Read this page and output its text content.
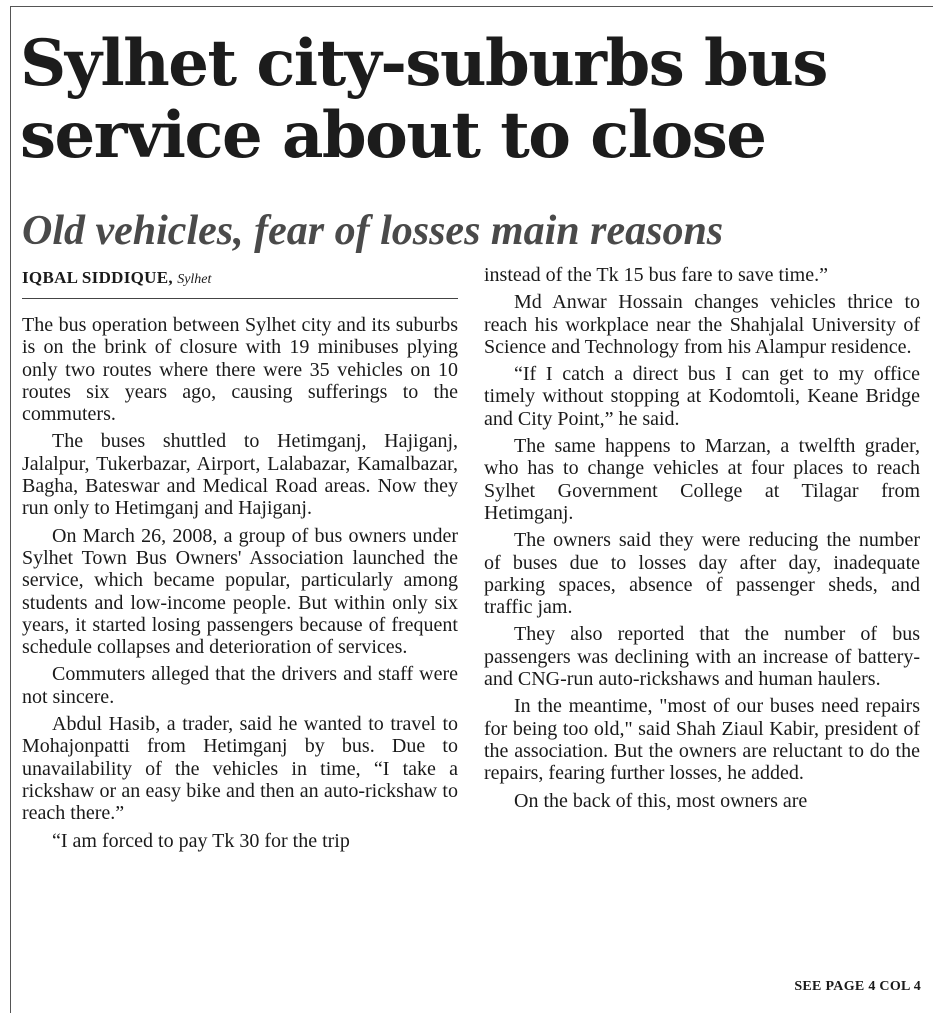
Sylhet city-suburbs bus service about to close
Old vehicles, fear of losses main reasons
IQBAL SIDDIQUE, Sylhet

The bus operation between Sylhet city and its suburbs is on the brink of closure with 19 minibuses plying only two routes where there were 35 vehicles on 10 routes six years ago, causing sufferings to the commuters.

The buses shuttled to Hetimganj, Hajiganj, Jalalpur, Tukerbazar, Airport, Lalabazar, Kamalbazar, Bagha, Bateswar and Medical Road areas. Now they run only to Hetimganj and Hajiganj.

On March 26, 2008, a group of bus owners under Sylhet Town Bus Owners' Association launched the service, which became popular, particularly among students and low-income people. But within only six years, it started losing passengers because of frequent schedule collapses and deterioration of services.

Commuters alleged that the drivers and staff were not sincere.

Abdul Hasib, a trader, said he wanted to travel to Mohajonpatti from Hetimganj by bus. Due to unavailability of the vehicles in time, “I take a rickshaw or an easy bike and then an auto-rickshaw to reach there.”

“I am forced to pay Tk 30 for the trip

instead of the Tk 15 bus fare to save time.”

Md Anwar Hossain changes vehicles thrice to reach his workplace near the Shahjalal University of Science and Technology from his Alampur residence.

“If I catch a direct bus I can get to my office timely without stopping at Kodomtoli, Keane Bridge and City Point,” he said.

The same happens to Marzan, a twelfth grader, who has to change vehicles at four places to reach Sylhet Government College at Tilagar from Hetimganj.

The owners said they were reducing the number of buses due to losses day after day, inadequate parking spaces, absence of passenger sheds, and traffic jam.

They also reported that the number of bus passengers was declining with an increase of battery- and CNG-run auto-rickshaws and human haulers.

In the meantime, "most of our buses need repairs for being too old," said Shah Ziaul Kabir, president of the association. But the owners are reluctant to do the repairs, fearing further losses, he added.

On the back of this, most owners are

SEE PAGE 4 COL 4
